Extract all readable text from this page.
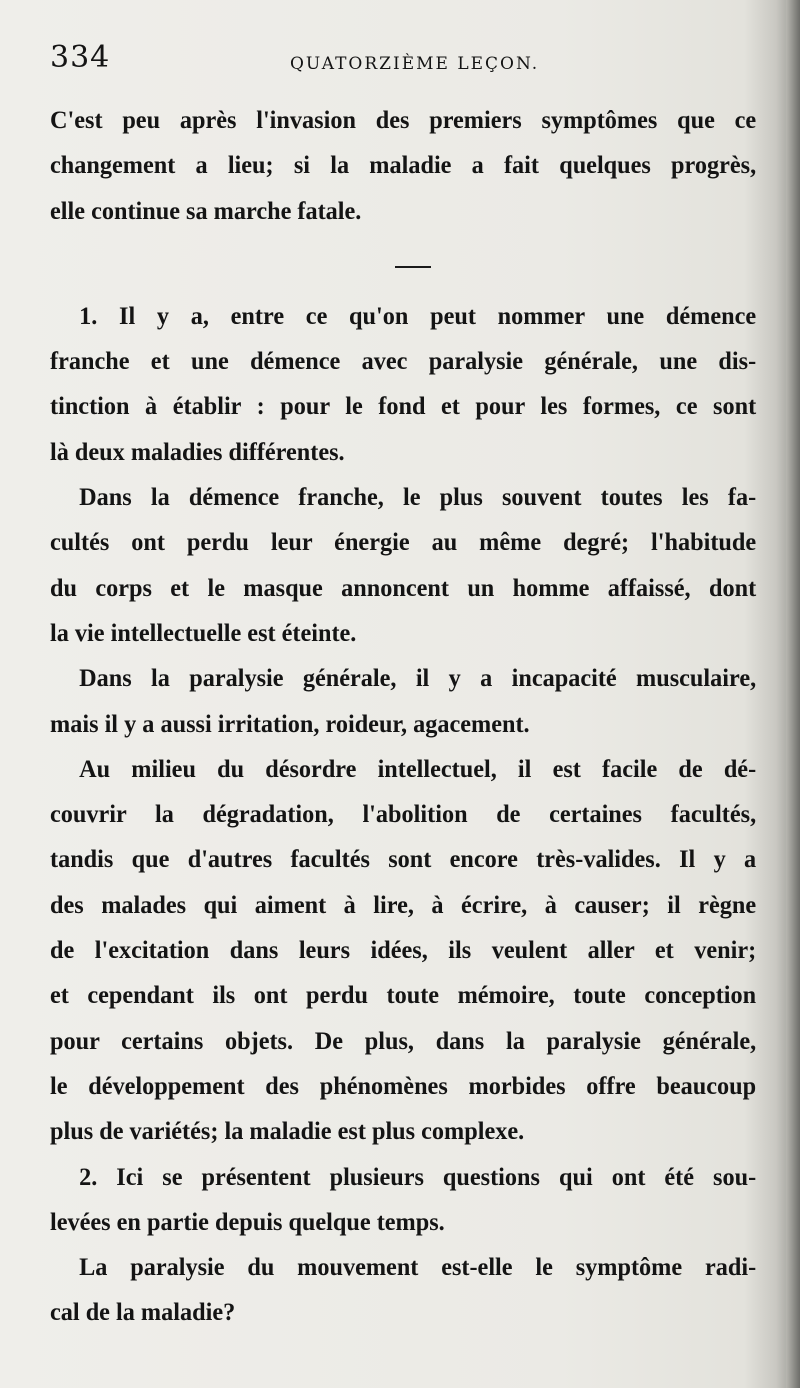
334	QUATORZIÈME LEÇON.
C'est peu après l'invasion des premiers symptômes que ce
changement a lieu; si la maladie a fait quelques progrès,
elle continue sa marche fatale.
1. Il y a, entre ce qu'on peut nommer une démence
franche et une démence avec paralysie générale, une dis-
tinction à établir : pour le fond et pour les formes, ce sont
là deux maladies différentes.
Dans la démence franche, le plus souvent toutes les fa-
cultés ont perdu leur énergie au même degré; l'habitude
du corps et le masque annoncent un homme affaissé, dont
la vie intellectuelle est éteinte.
Dans la paralysie générale, il y a incapacité musculaire,
mais il y a aussi irritation, roideur, agacement.
Au milieu du désordre intellectuel, il est facile de dé-
couvrir la dégradation, l'abolition de certaines facultés,
tandis que d'autres facultés sont encore très-valides. Il y a
des malades qui aiment à lire, à écrire, à causer; il règne
de l'excitation dans leurs idées, ils veulent aller et venir;
et cependant ils ont perdu toute mémoire, toute conception
pour certains objets. De plus, dans la paralysie générale,
le développement des phénomènes morbides offre beaucoup
plus de variétés; la maladie est plus complexe.
2. Ici se présentent plusieurs questions qui ont été sou-
levées en partie depuis quelque temps.
La paralysie du mouvement est-elle le symptôme radi-
cal de la maladie?
